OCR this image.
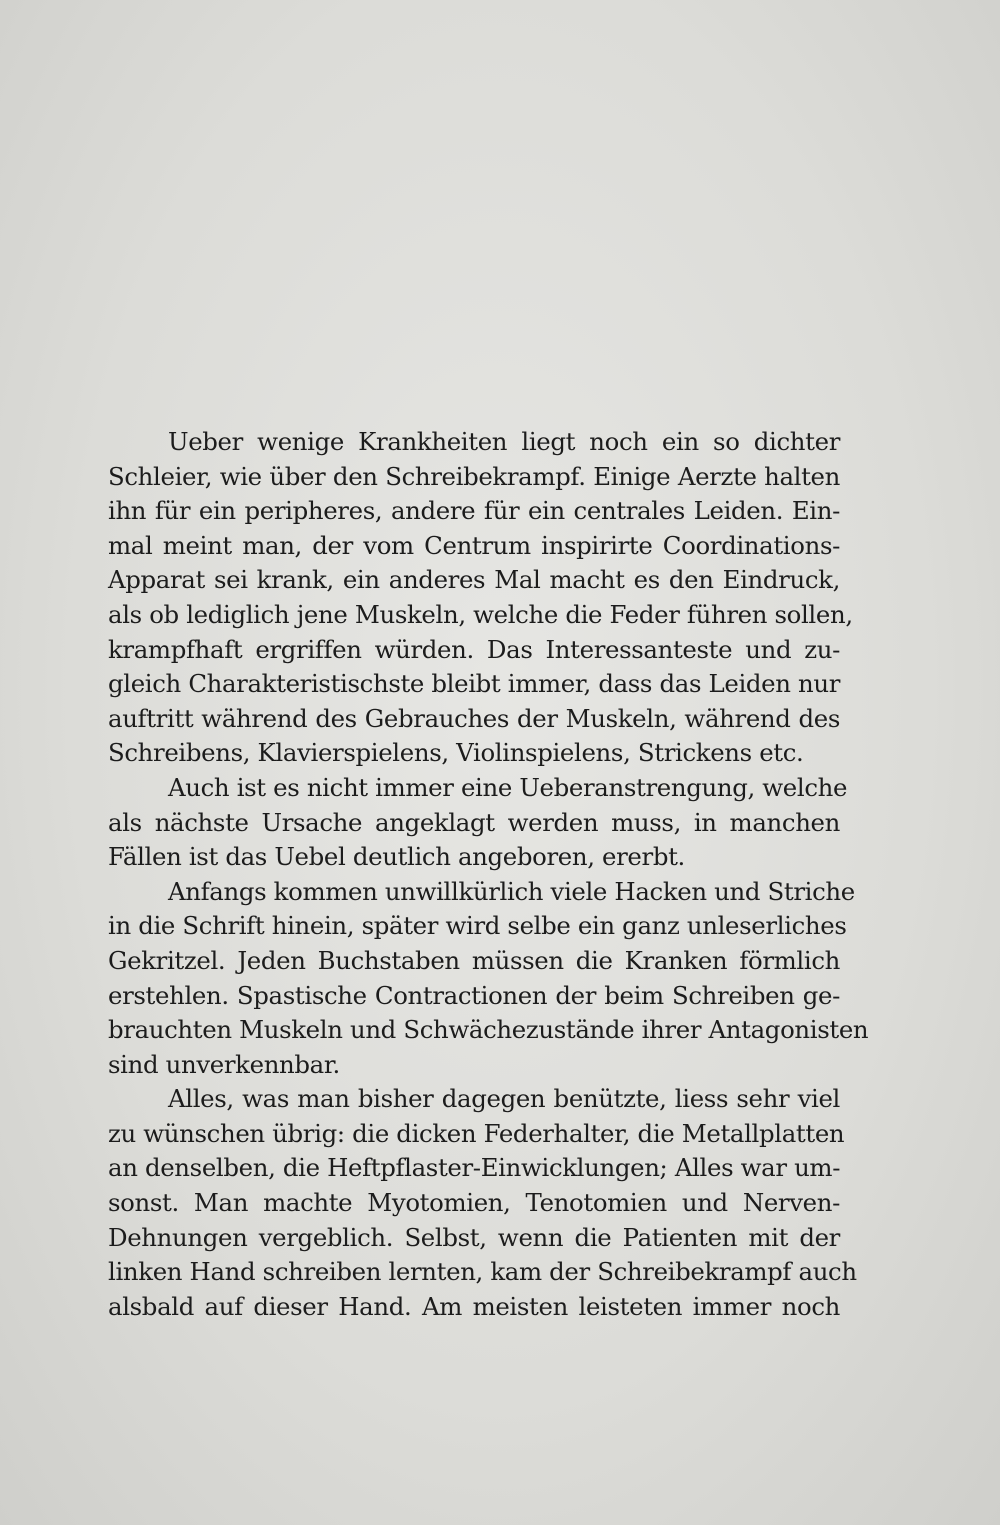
Ueber wenige Krankheiten liegt noch ein so dichter
Schleier, wie über den Schreibekrampf. Einige Aerzte halten
ihn für ein peripheres, andere für ein centrales Leiden. Ein-
mal meint man, der vom Centrum inspirirte Coordinations-
Apparat sei krank, ein anderes Mal macht es den Eindruck,
als ob lediglich jene Muskeln, welche die Feder führen sollen,
krampfhaft ergriffen würden. Das Interessanteste und zu-
gleich Charakteristischste bleibt immer, dass das Leiden nur
auftritt während des Gebrauches der Muskeln, während des
Schreibens, Klavierspielens, Violinspielens, Strickens etc.
Auch ist es nicht immer eine Ueberanstrengung, welche
als nächste Ursache angeklagt werden muss, in manchen
Fällen ist das Uebel deutlich angeboren, ererbt.
Anfangs kommen unwillkürlich viele Hacken und Striche
in die Schrift hinein, später wird selbe ein ganz unleserliches
Gekritzel. Jeden Buchstaben müssen die Kranken förmlich
erstehlen. Spastische Contractionen der beim Schreiben ge-
brauchten Muskeln und Schwächezustände ihrer Antagonisten
sind unverkennbar.
Alles, was man bisher dagegen benützte, liess sehr viel
zu wünschen übrig: die dicken Federhalter, die Metallplatten
an denselben, die Heftpflaster-Einwicklungen; Alles war um-
sonst. Man machte Myotomien, Tenotomien und Nerven-
Dehnungen vergeblich. Selbst, wenn die Patienten mit der
linken Hand schreiben lernten, kam der Schreibekrampf auch
alsbald auf dieser Hand. Am meisten leisteten immer noch
